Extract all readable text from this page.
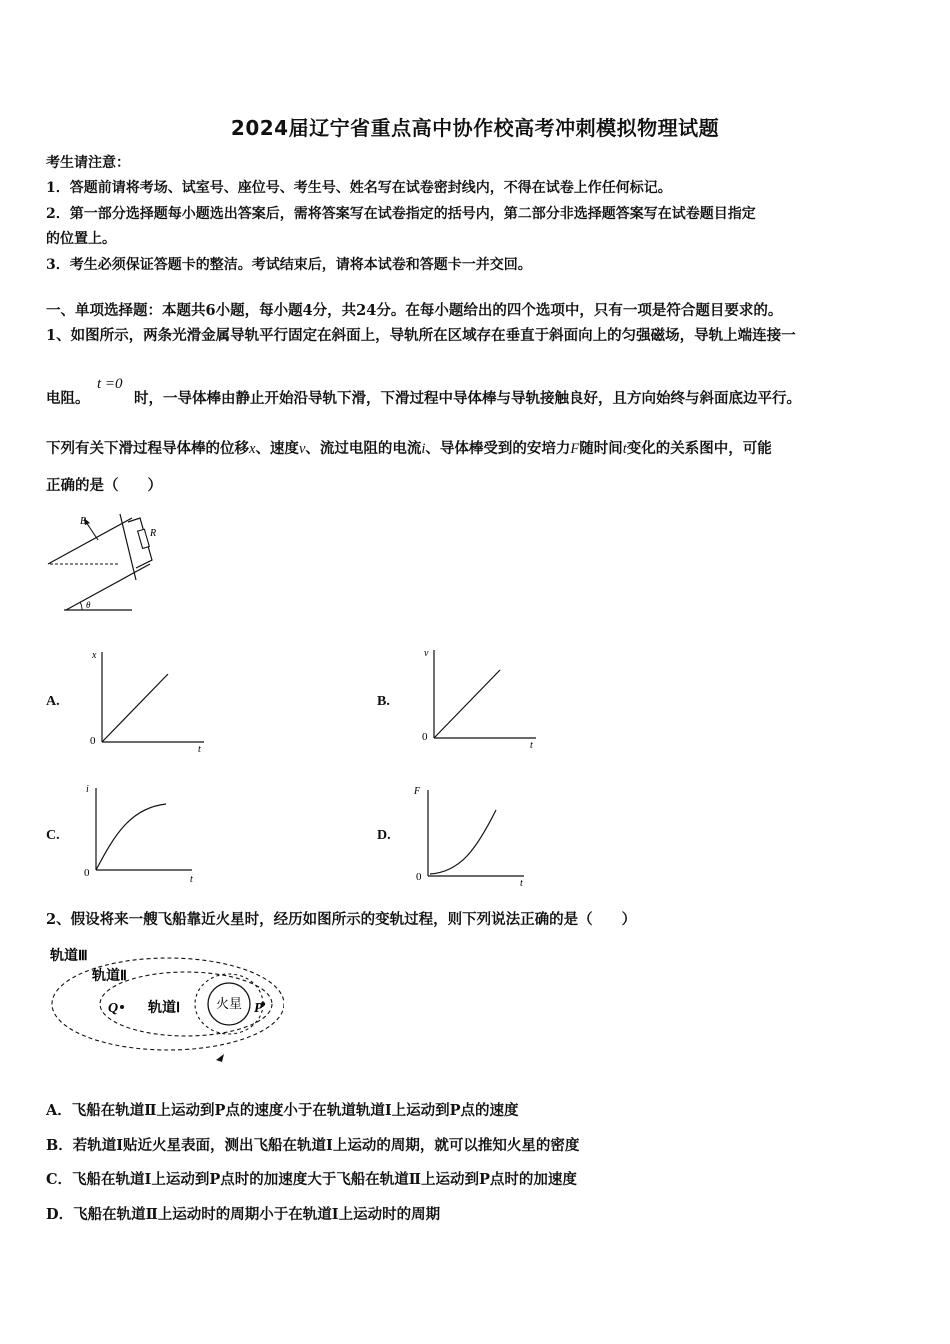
2024届辽宁省重点高中协作校高考冲刺模拟物理试题
考生请注意：
1．答题前请将考场、试室号、座位号、考生号、姓名写在试卷密封线内，不得在试卷上作任何标记。
2．第一部分选择题每小题选出答案后，需将答案写在试卷指定的括号内，第二部分非选择题答案写在试卷题目指定
的位置上。
3．考生必须保证答题卡的整洁。考试结束后，请将本试卷和答题卡一并交回。
一、单项选择题：本题共6小题，每小题4分，共24分。在每小题给出的四个选项中，只有一项是符合题目要求的。
1、如图所示，两条光滑金属导轨平行固定在斜面上，导轨所在区域存在垂直于斜面向上的匀强磁场，导轨上端连接一
电阻。
t =0
时，一导体棒由静止开始沿导轨下滑，下滑过程中导体棒与导轨接触良好，且方向始终与斜面底边平行。
下列有关下滑过程导体棒的位移x、速度v、流过电阻的电流i、导体棒受到的安培力F随时间t变化的关系图中，可能
正确的是（　　）
R
B
θ
A.
x
t
0
B.
v
t
0
C.
i
t
0
D.
F
t
0
2、假设将来一艘飞船靠近火星时，经历如图所示的变轨过程，则下列说法正确的是（　　）
火星
轨道Ⅲ
轨道Ⅱ
轨道Ⅰ
Q	P
A．飞船在轨道Ⅱ上运动到P点的速度小于在轨道轨道Ⅰ上运动到P点的速度
B．若轨道I贴近火星表面，测出飞船在轨道I上运动的周期，就可以推知火星的密度
C．飞船在轨道I上运动到P点时的加速度大于飞船在轨道Ⅱ上运动到P点时的加速度
D．飞船在轨道Ⅱ上运动时的周期小于在轨道I上运动时的周期
